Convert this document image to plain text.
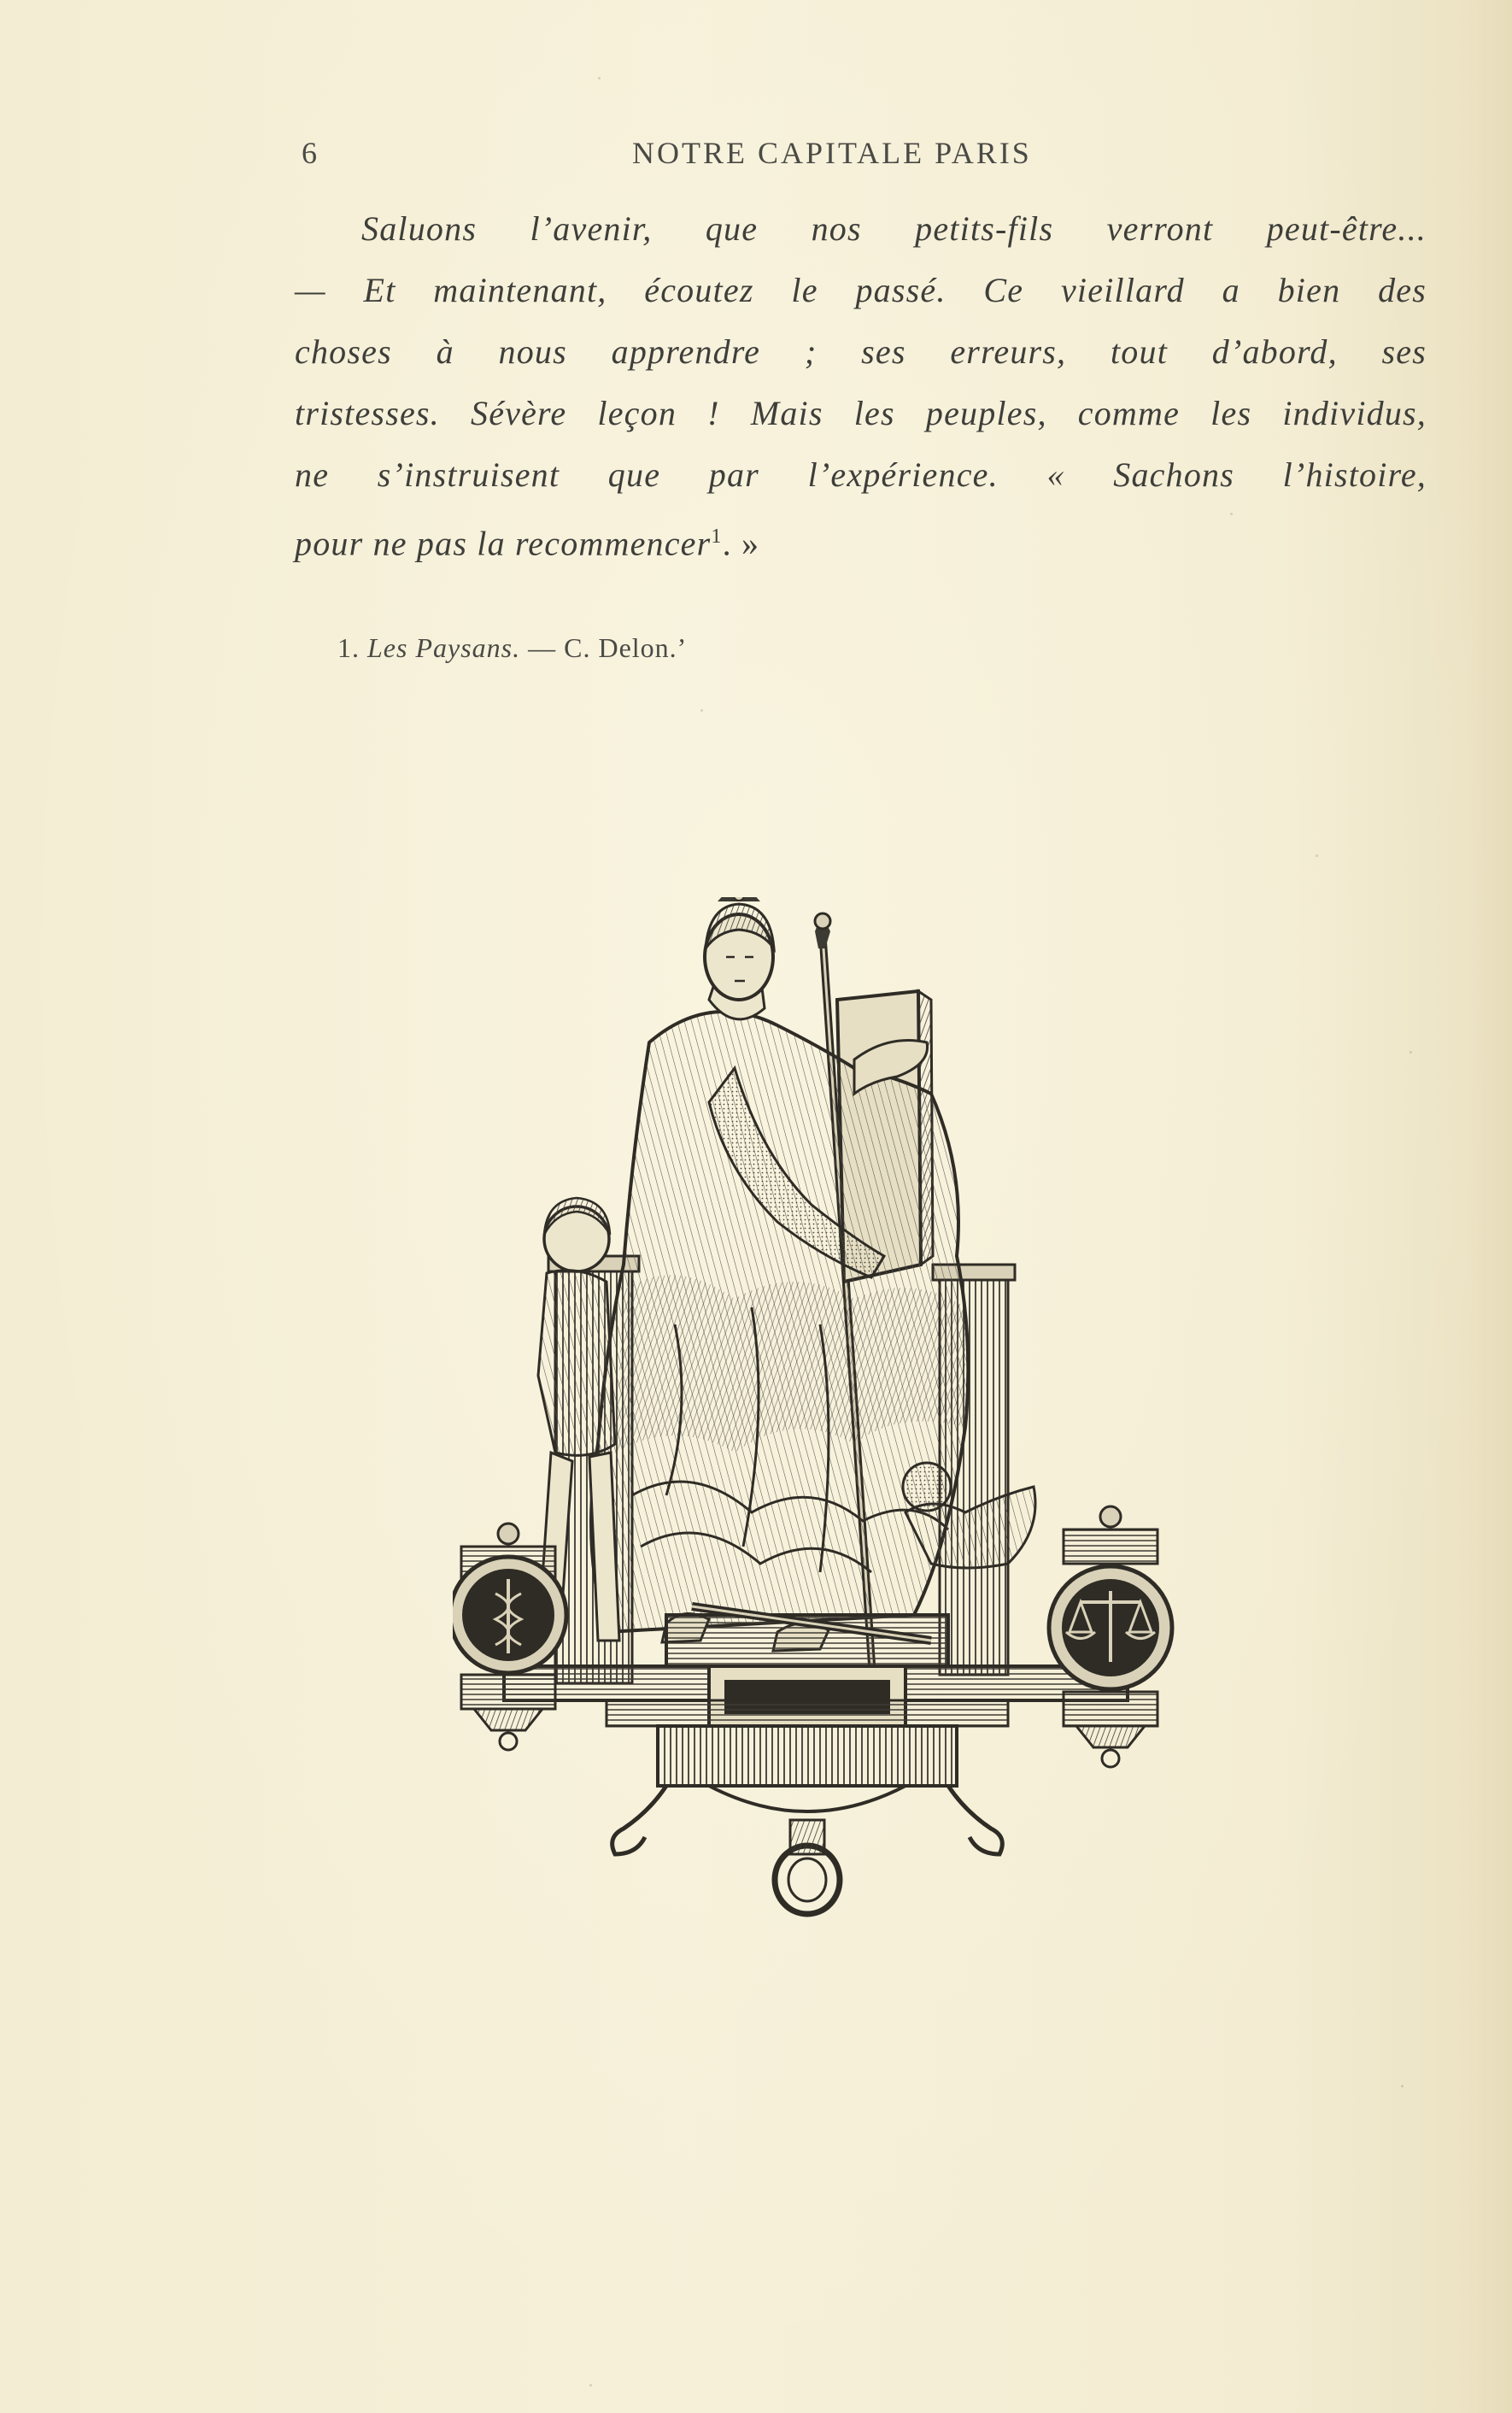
6	NOTRE CAPITALE PARIS
Saluons l’avenir, que nos petits-fils verront peut-être...
— Et maintenant, écoutez le passé. Ce vieillard a bien des
choses à nous apprendre ; ses erreurs, tout d’abord, ses
tristesses. Sévère leçon ! Mais les peuples, comme les individus,
ne s’instruisent que par l’expérience. « Sachons l’histoire,
pour ne pas la recommencer$^1$. »
1. Les Paysans. — C. Delon.’
